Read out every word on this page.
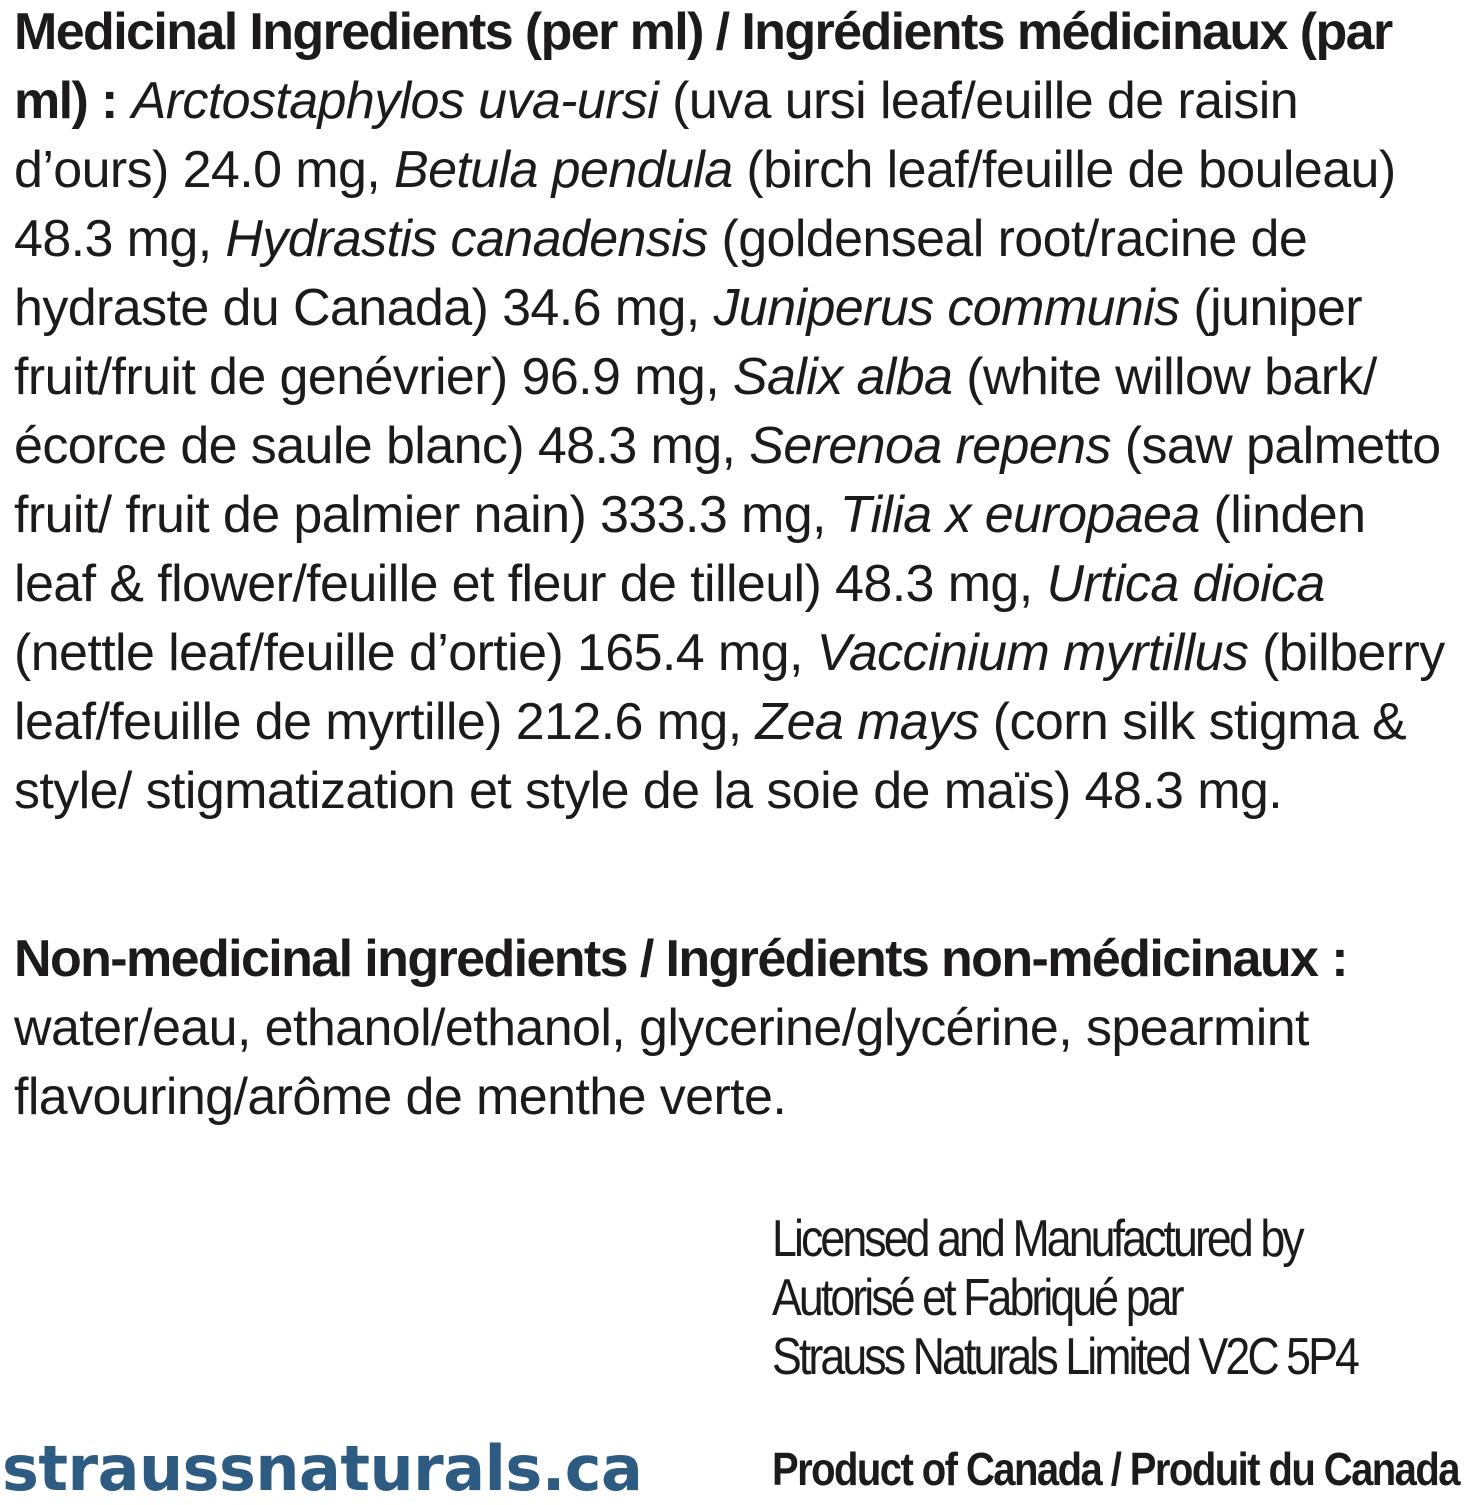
Medicinal Ingredients (per ml) / Ingrédients médicinaux (par ml) : Arctostaphylos uva-ursi (uva ursi leaf/euille de raisin d’ours) 24.0 mg, Betula pendula (birch leaf/feuille de bouleau) 48.3 mg, Hydrastis canadensis (goldenseal root/racine de hydraste du Canada) 34.6 mg, Juniperus communis (juniper fruit/fruit de genévrier) 96.9 mg, Salix alba (white willow bark/écorce de saule blanc) 48.3 mg, Serenoa repens (saw palmetto fruit/ fruit de palmier nain) 333.3 mg, Tilia x europaea (linden leaf & flower/feuille et fleur de tilleul) 48.3 mg, Urtica dioica (nettle leaf/feuille d’ortie) 165.4 mg, Vaccinium myrtillus (bilberry leaf/feuille de myrtille) 212.6 mg, Zea mays (corn silk stigma & style/ stigmatization et style de la soie de maïs) 48.3 mg.
Non-medicinal ingredients / Ingrédients non-médicinaux : water/eau, ethanol/ethanol, glycerine/glycérine, spearmint flavouring/arôme de menthe verte.
Licensed and Manufactured by
Autorisé et Fabriqué par
Strauss Naturals Limited V2C 5P4
straussnaturals.ca	Product of Canada / Produit du Canada
